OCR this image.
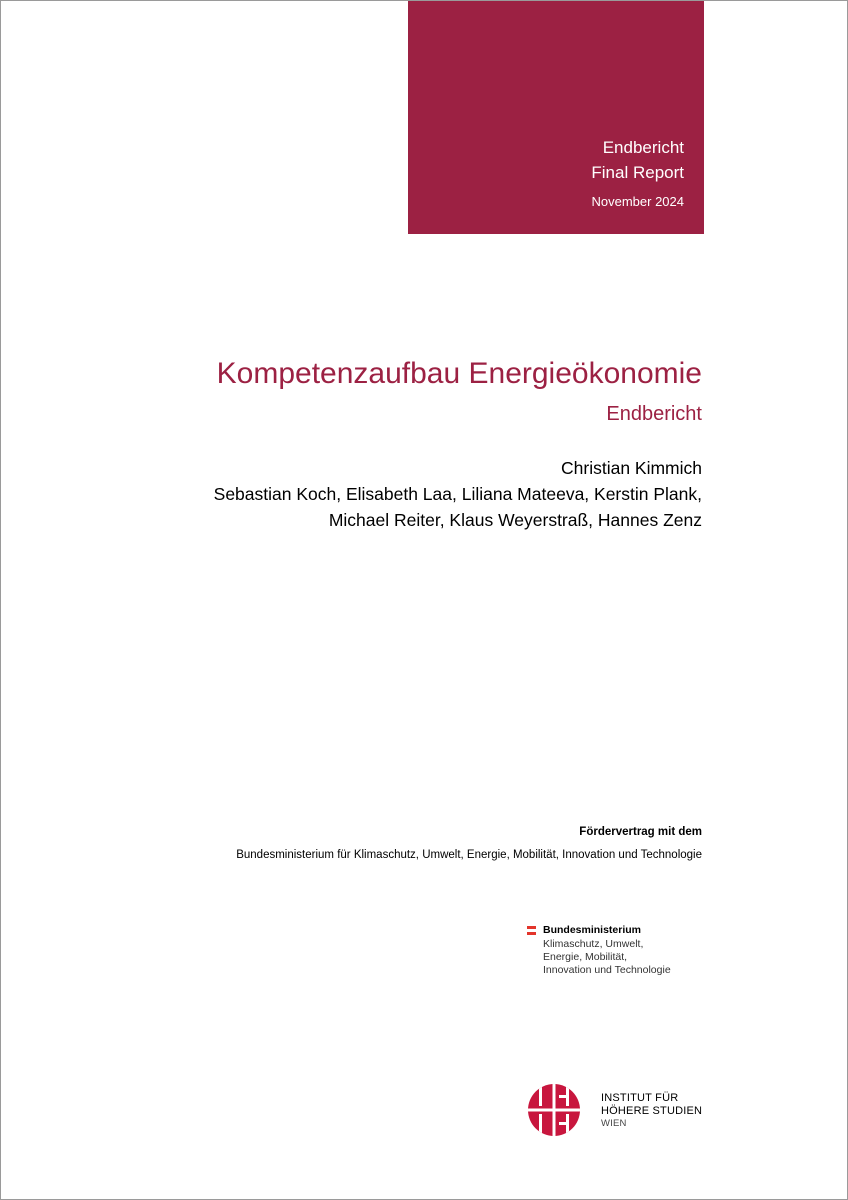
Endbericht
Final Report
November 2024
Kompetenzaufbau Energieökonomie
Endbericht
Christian Kimmich
Sebastian Koch, Elisabeth Laa, Liliana Mateeva, Kerstin Plank,
Michael Reiter, Klaus Weyerstraß, Hannes Zenz
Fördervertrag mit dem
Bundesministerium für Klimaschutz, Umwelt, Energie, Mobilität, Innovation und Technologie
Bundesministerium
Klimaschutz, Umwelt,
Energie, Mobilität,
Innovation und Technologie
INSTITUT FÜR
HÖHERE STUDIEN
WIEN
